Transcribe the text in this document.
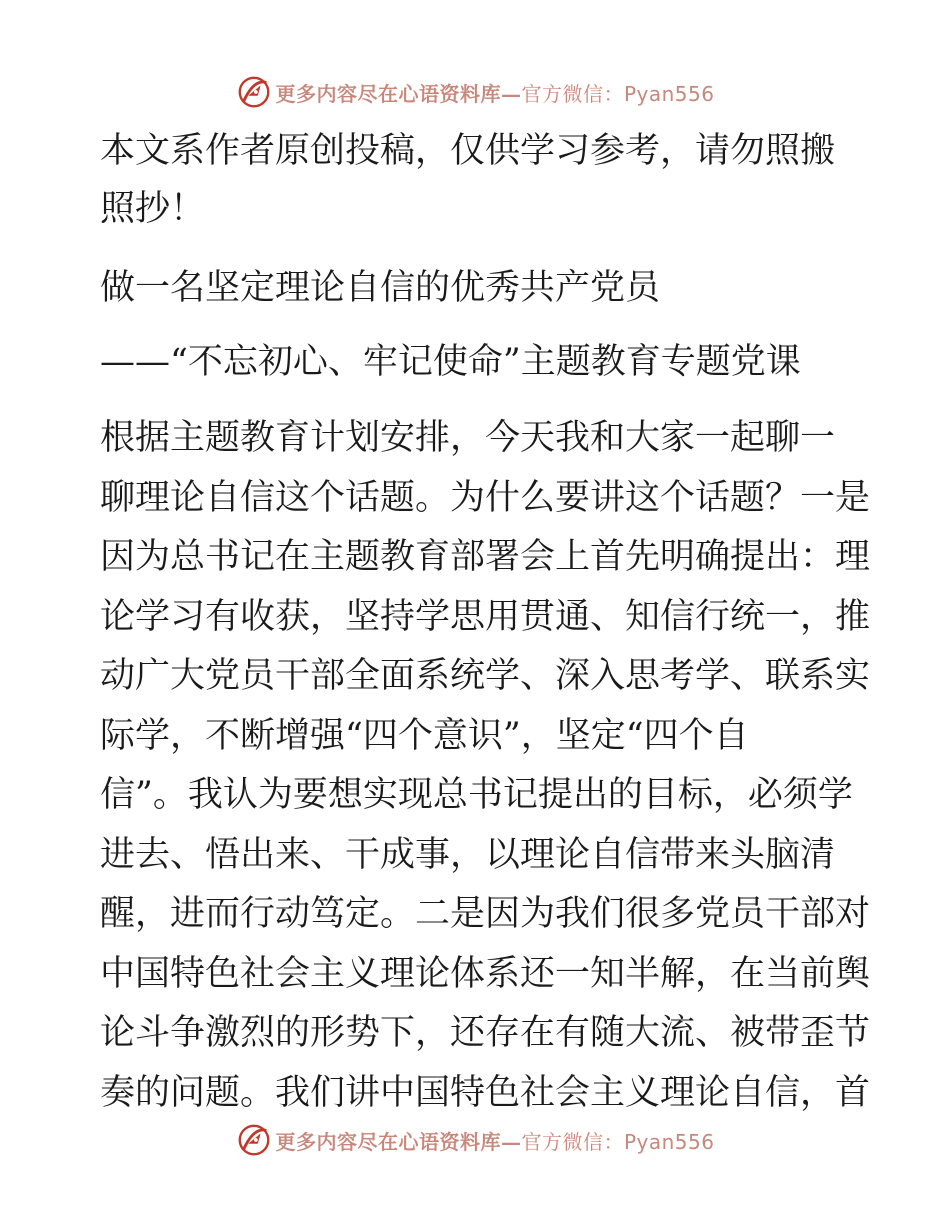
更多内容尽在心语资料库— 官方微信：Pyan556
本文系作者原创投稿，仅供学习参考，请勿照搬
照抄！
做一名坚定理论自信的优秀共产党员
——“不忘初心、牢记使命”主题教育专题党课
根据主题教育计划安排，今天我和大家一起聊一
聊理论自信这个话题。为什么要讲这个话题？一是
因为总书记在主题教育部署会上首先明确提出：理
论学习有收获，坚持学思用贯通、知信行统一，推
动广大党员干部全面系统学、深入思考学、联系实
际学，不断增强“四个意识”，坚定“四个自
信”。我认为要想实现总书记提出的目标，必须学
进去、悟出来、干成事，以理论自信带来头脑清
醒，进而行动笃定。二是因为我们很多党员干部对
中国特色社会主义理论体系还一知半解，在当前舆
论斗争激烈的形势下，还存在有随大流、被带歪节
奏的问题。我们讲中国特色社会主义理论自信，首
更多内容尽在心语资料库— 官方微信：Pyan556
